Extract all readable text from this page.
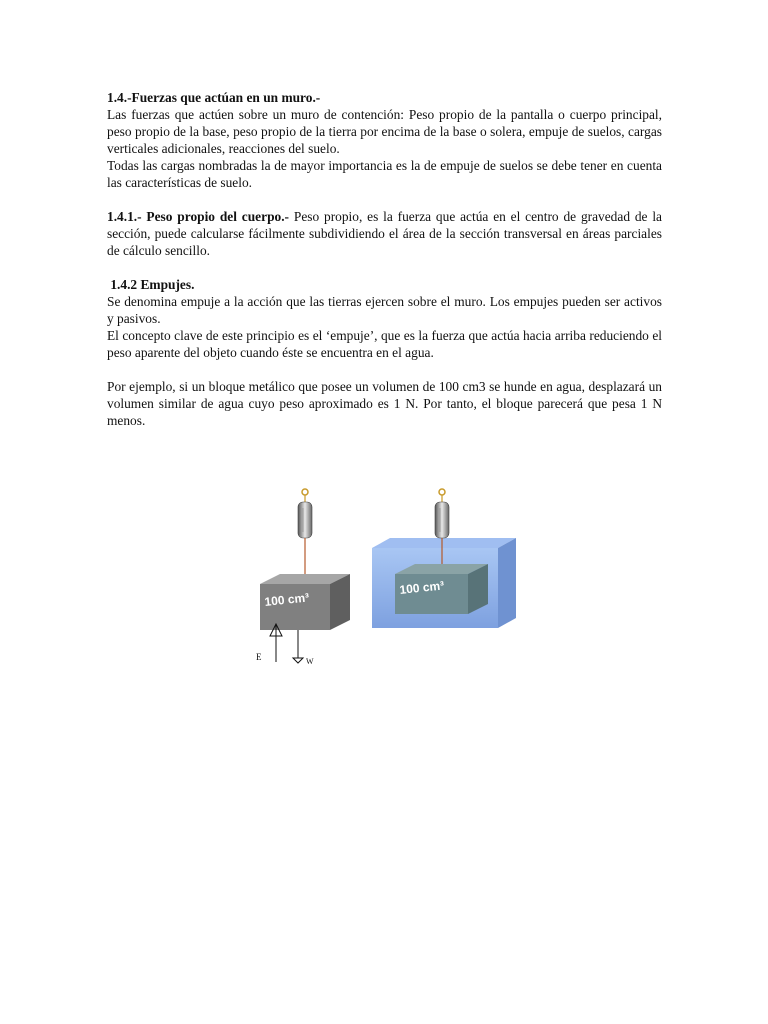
1.4.-Fuerzas que actúan en un muro.-

Las fuerzas que actúen sobre un muro de contención: Peso propio de la pantalla o cuerpo principal, peso propio de la base, peso propio de la tierra por encima de la base o solera, empuje de suelos, cargas verticales adicionales, reacciones del suelo.

Todas las cargas nombradas la de mayor importancia es la de empuje de suelos se debe tener en cuenta las características de suelo.

1.4.1.- Peso propio del cuerpo.- Peso propio, es la fuerza que actúa en el centro de gravedad de la sección, puede calcularse fácilmente subdividiendo el área de la sección transversal en áreas parciales de cálculo sencillo.

1.4.2 Empujes.

Se denomina empuje a la acción que las tierras ejercen sobre el muro. Los empujes pueden ser activos y pasivos.

El concepto clave de este principio es el ‘empuje’, que es la fuerza que actúa hacia arriba reduciendo el peso aparente del objeto cuando éste se encuentra en el agua.

Por ejemplo, si un bloque metálico que posee un volumen de 100 cm3 se hunde en agua, desplazará un volumen similar de agua cuyo peso aproximado es 1 N. Por tanto, el bloque parecerá que pesa 1 N menos.

100 cm³
E	W
100 cm³
